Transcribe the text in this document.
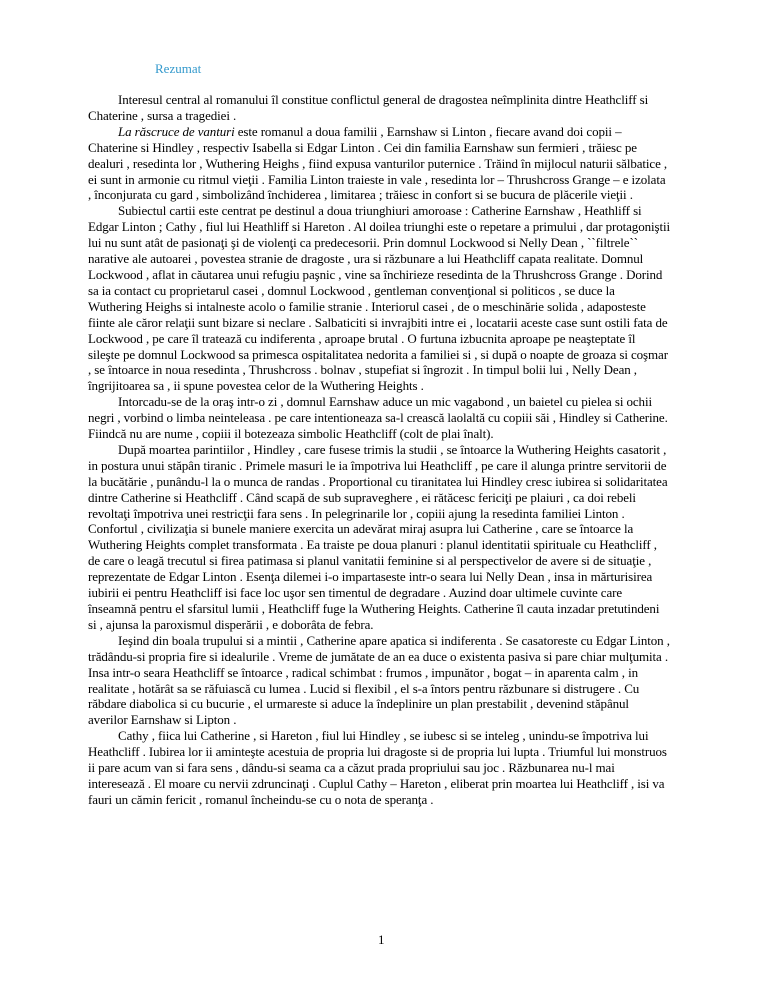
Rezumat

Interesul central al romanului îl constitue conflictul general de dragostea neîmplinita dintre Heathcliff si Chaterine , sursa a tragediei .

La răscruce de vanturi este romanul a doua familii , Earnshaw si Linton , fiecare avand doi copii – Chaterine si Hindley , respectiv Isabella si Edgar Linton . Cei din familia Earnshaw sun fermieri , trăiesc pe dealuri , resedinta lor , Wuthering Heighs , fiind expusa vanturilor puternice . Trăind în mijlocul naturii sălbatice , ei sunt in armonie cu ritmul vieţii . Familia Linton traieste in vale , resedinta lor – Thrushcross Grange – e izolata , înconjurata cu gard , simbolizând închiderea , limitarea ; trăiesc in confort si se bucura de plăcerile vieţii .

Subiectul cartii este centrat pe destinul a doua triunghiuri amoroase : Catherine Earnshaw , Heathliff si Edgar Linton ; Cathy , fiul lui Heathliff si Hareton . Al doilea triunghi este o repetare a primului , dar protagoniştii lui nu sunt atât de pasionaţi şi de violenţi ca predecesorii. Prin domnul Lockwood si Nelly Dean , ``filtrele`` narative ale autoarei , povestea stranie de dragoste , ura si răzbunare a lui Heathcliff capata realitate. Domnul Lockwood , aflat in căutarea unui refugiu paşnic , vine sa închirieze resedinta de la Thrushcross Grange . Dorind sa ia contact cu proprietarul casei , domnul Lockwood , gentleman convenţional si politicos , se duce la Wuthering Heighs si intalneste acolo o familie stranie . Interiorul casei , de o meschinărie solida , adaposteste fiinte ale căror relaţii sunt bizare si neclare . Salbaticiti si invrajbiti intre ei , locatarii aceste case sunt ostili fata de Lockwood , pe care îl tratează cu indiferenta , aproape brutal . O furtuna izbucnita aproape pe neaşteptate îl sileşte pe domnul Lockwood sa primesca ospitalitatea nedorita a familiei si , si după o noapte de groaza si coşmar , se întoarce in noua resedinta , Thrushcross . bolnav , stupefiat si îngrozit . In timpul bolii lui , Nelly Dean , îngrijitoarea sa , ii spune povestea celor de la Wuthering Heights .

Intorcadu-se de la oraş intr-o zi , domnul Earnshaw aduce un mic vagabond , un baietel cu pielea si ochii negri , vorbind o limba neinteleasa . pe care intentioneaza sa-l crească laolaltă cu copiii săi , Hindley si Catherine. Fiindcă nu are nume , copiii il botezeaza simbolic Heathcliff (colt de plai înalt).

După moartea parintiilor , Hindley , care fusese trimis la studii , se întoarce la Wuthering Heights casatorit , in postura unui stăpân tiranic . Primele masuri le ia împotriva lui Heathcliff , pe care il alunga printre servitorii de la bucătărie , punându-l la o munca de randas . Proportional cu tiranitatea lui Hindley cresc iubirea si solidaritatea dintre Catherine si Heathcliff . Când scapă de sub supraveghere , ei rătăcesc fericiţi pe plaiuri , ca doi rebeli revoltaţi împotriva unei restricţii fara sens . In pelegrinarile lor , copiii ajung la resedinta familiei Linton . Confortul , civilizaţia si bunele maniere exercita un adevărat miraj asupra lui Catherine , care se întoarce la Wuthering Heights complet transformata . Ea traiste pe doua planuri : planul identitatii spirituale cu Heathcliff , de care o leagă trecutul si firea patimasa si planul vanitatii feminine si al perspectivelor de avere si de situaţie , reprezentate de Edgar Linton . Esenţa dilemei i-o impartaseste intr-o seara lui Nelly Dean , insa in mărturisirea iubirii ei pentru Heathcliff isi face loc uşor sen timentul de degradare . Auzind doar ultimele cuvinte care înseamnă pentru el sfarsitul lumii , Heathcliff fuge la Wuthering Heights. Catherine îl cauta inzadar pretutindeni si , ajunsa la paroxismul disperării , e doborâta de febra.

Ieşind din boala trupului si a mintii , Catherine apare apatica si indiferenta . Se casatoreste cu Edgar Linton , trădându-si propria fire si idealurile . Vreme de jumătate de an ea duce o existenta pasiva si pare chiar mulţumita . Insa intr-o seara Heathcliff se întoarce , radical schimbat : frumos , impunător , bogat – in aparenta calm , in realitate , hotărât sa se răfuiască cu lumea . Lucid si flexibil , el s-a întors pentru răzbunare si distrugere . Cu răbdare diabolica si cu bucurie , el urmareste si aduce la îndeplinire un plan prestabilit , devenind stăpânul averilor Earnshaw si Lipton .

Cathy , fiica lui Catherine , si Hareton , fiul lui Hindley , se iubesc si se inteleg , unindu-se împotriva lui Heathcliff . Iubirea lor ii aminteşte acestuia de propria lui dragoste si de propria lui lupta . Triumful lui monstruos ii pare acum van si fara sens , dându-si seama ca a căzut prada propriului sau joc . Răzbunarea nu-l mai interesează . El moare cu nervii zdruncinaţi . Cuplul Cathy – Hareton , eliberat prin moartea lui Heathcliff , isi va fauri un cămin fericit , romanul încheindu-se cu o nota de speranţa .

1
